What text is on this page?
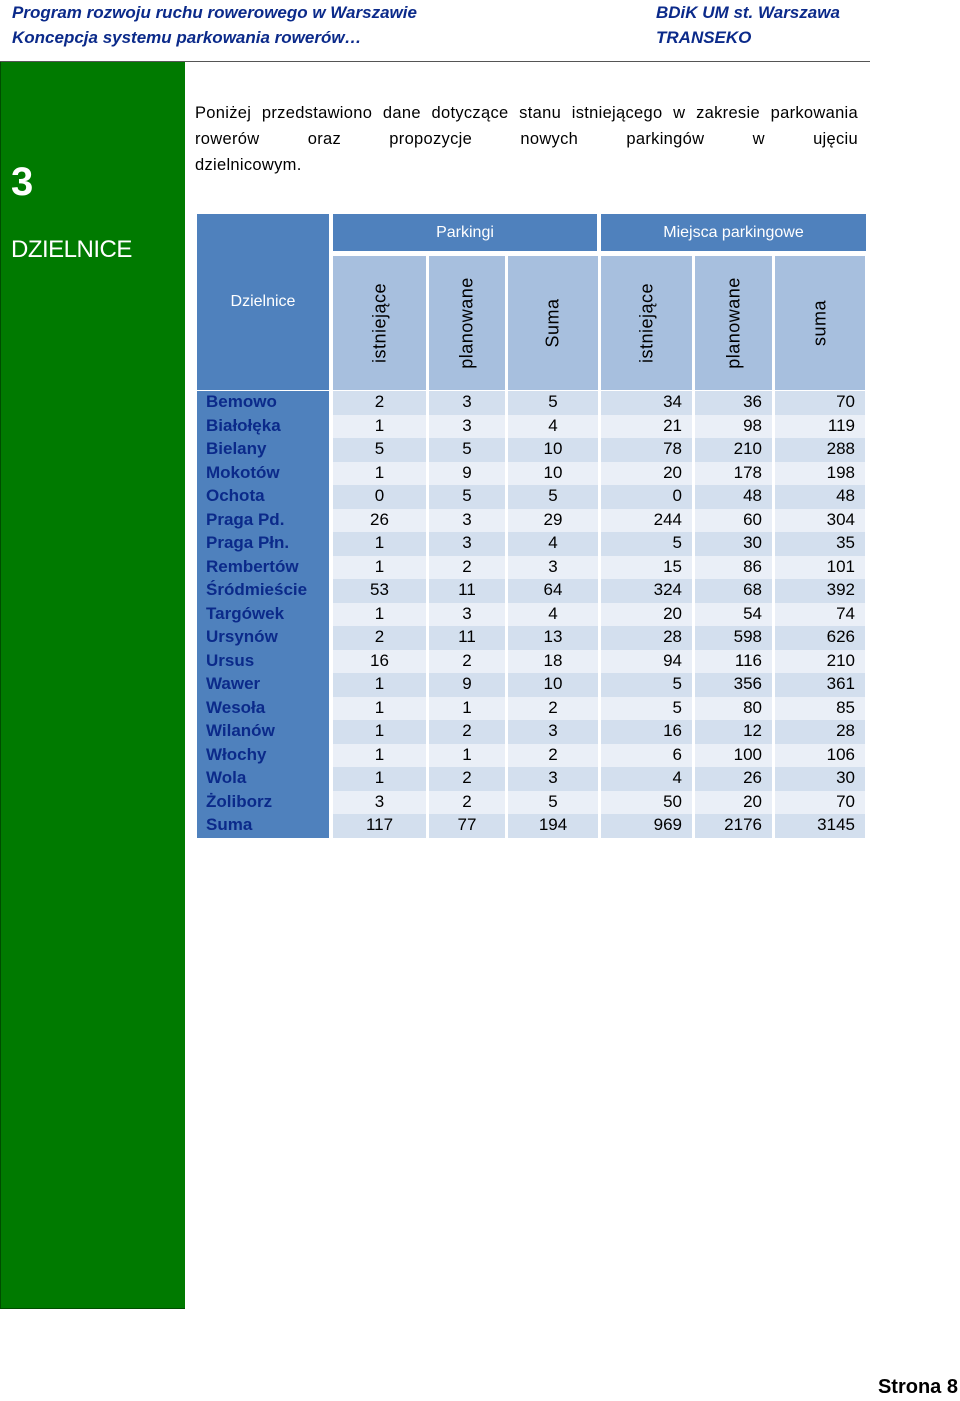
Program rozwoju ruchu rowerowego w Warszawie
Koncepcja systemu parkowania rowerów…
BDiK UM st. Warszawa
TRANSEKO
3
DZIELNICE
Poniżej przedstawiono dane dotyczące stanu istniejącego w zakresie parkowania rowerów oraz propozycje nowych parkingów w ujęciu
dzielnicowym.
Dzielnice
Parkingi	Miejsca parkingowe
istniejące	planowane	Suma	istniejące	planowane	suma
Bemowo	2	3	5	34	36	70
Białołęka	1	3	4	21	98	119
Bielany	5	5	10	78	210	288
Mokotów	1	9	10	20	178	198
Ochota	0	5	5	0	48	48
Praga Pd.	26	3	29	244	60	304
Praga Płn.	1	3	4	5	30	35
Rembertów	1	2	3	15	86	101
Śródmieście	53	11	64	324	68	392
Targówek	1	3	4	20	54	74
Ursynów	2	11	13	28	598	626
Ursus	16	2	18	94	116	210
Wawer	1	9	10	5	356	361
Wesoła	1	1	2	5	80	85
Wilanów	1	2	3	16	12	28
Włochy	1	1	2	6	100	106
Wola	1	2	3	4	26	30
Żoliborz	3	2	5	50	20	70
Suma	117	77	194	969	2176	3145
Strona 8
